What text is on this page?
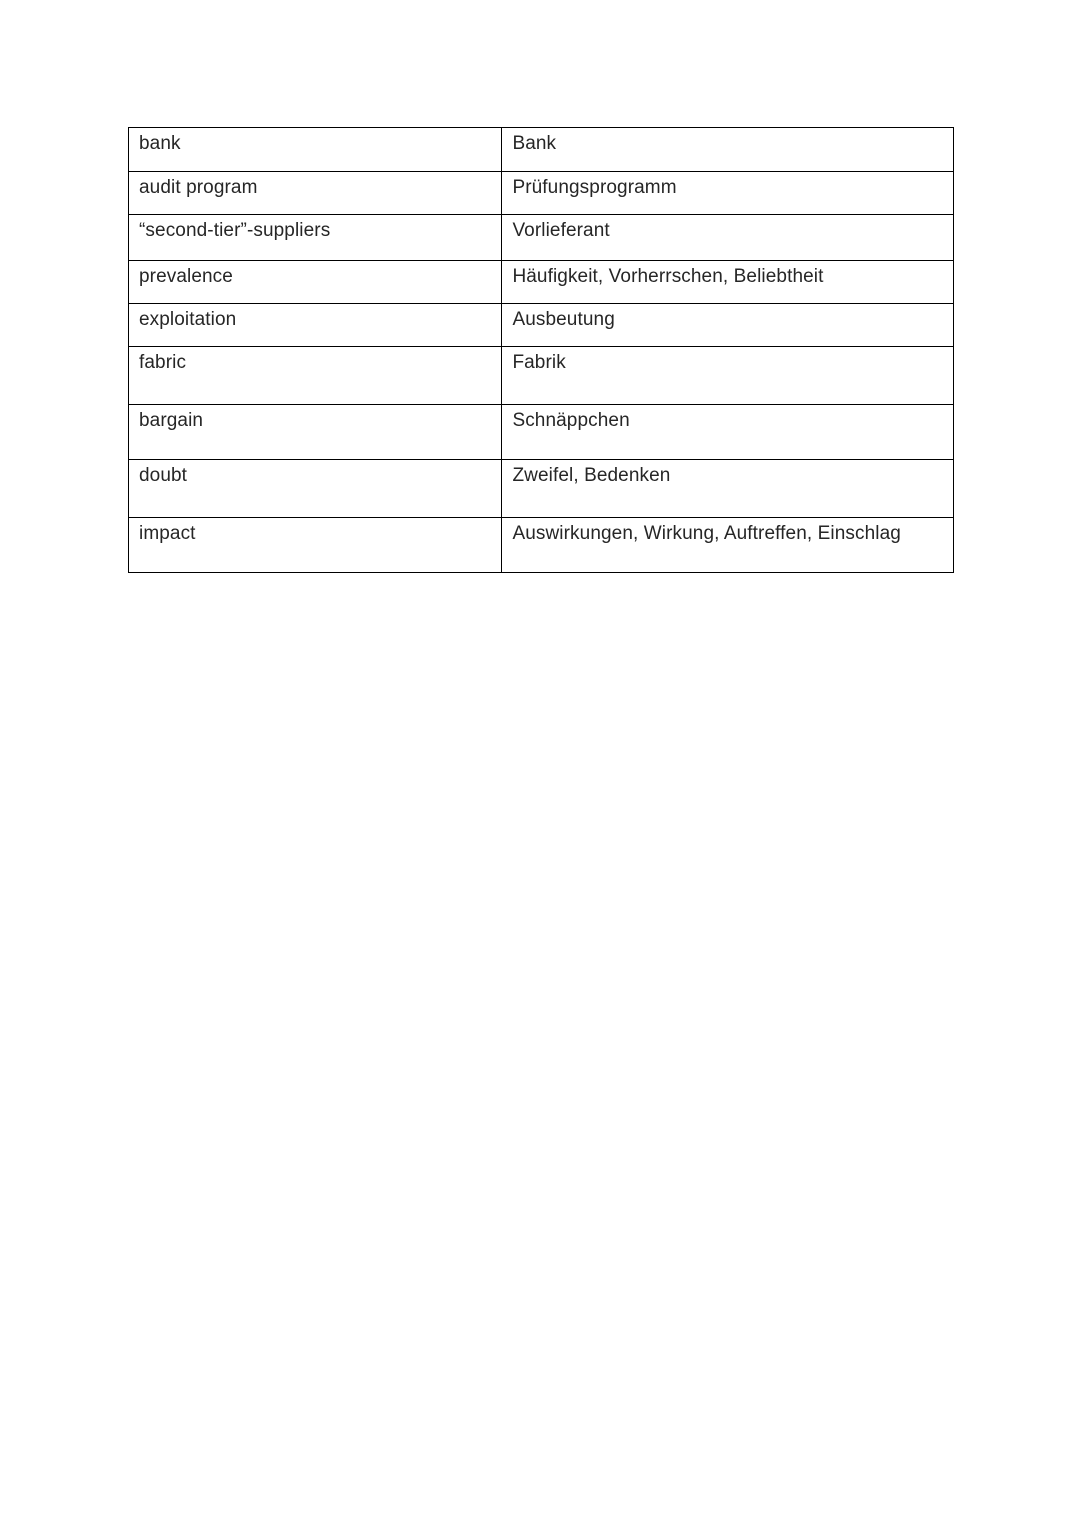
bank	Bank
audit program	Prüfungsprogramm
“second-tier”-suppliers	Vorlieferant
prevalence	Häufigkeit, Vorherrschen, Beliebtheit
exploitation	Ausbeutung
fabric	Fabrik
bargain	Schnäppchen
doubt	Zweifel, Bedenken
impact	Auswirkungen, Wirkung, Auftreffen, Einschlag
